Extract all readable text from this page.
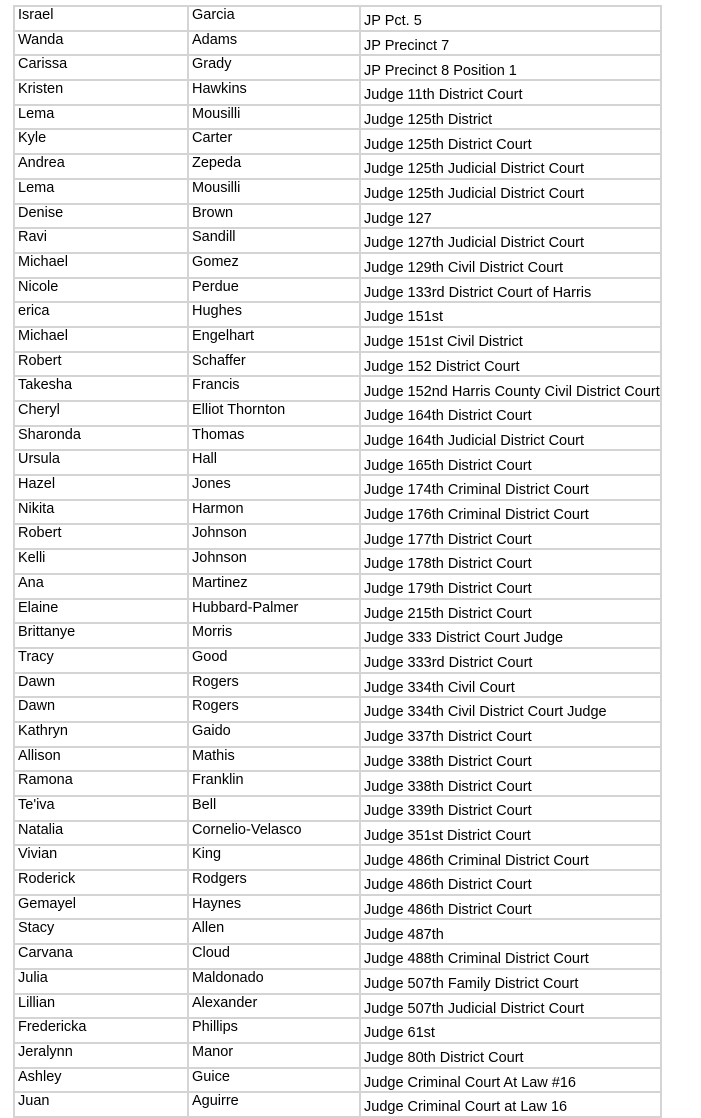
Israel	Garcia	JP Pct. 5
Wanda	Adams	JP Precinct 7
Carissa	Grady	JP Precinct 8 Position 1
Kristen	Hawkins	Judge 11th District Court
Lema	Mousilli	Judge 125th District
Kyle	Carter	Judge 125th District Court
Andrea	Zepeda	Judge 125th Judicial District Court
Lema	Mousilli	Judge 125th Judicial District Court
Denise	Brown	Judge 127
Ravi	Sandill	Judge 127th Judicial District Court
Michael	Gomez	Judge 129th Civil District Court
Nicole	Perdue	Judge 133rd District Court of Harris
erica	Hughes	Judge 151st
Michael	Engelhart	Judge 151st Civil District
Robert	Schaffer	Judge 152 District Court
Takesha	Francis	Judge 152nd Harris County Civil District Court
Cheryl	Elliot Thornton	Judge 164th District Court
Sharonda	Thomas	Judge 164th Judicial District Court
Ursula	Hall	Judge 165th District Court
Hazel	Jones	Judge 174th Criminal District Court
Nikita	Harmon	Judge 176th Criminal District Court
Robert	Johnson	Judge 177th District Court
Kelli	Johnson	Judge 178th District Court
Ana	Martinez	Judge 179th District Court
Elaine	Hubbard-Palmer	Judge 215th District Court
Brittanye	Morris	Judge 333 District Court Judge
Tracy	Good	Judge 333rd District Court
Dawn	Rogers	Judge 334th Civil Court
Dawn	Rogers	Judge 334th Civil District Court Judge
Kathryn	Gaido	Judge 337th District Court
Allison	Mathis	Judge 338th District Court
Ramona	Franklin	Judge 338th District Court
Te'iva	Bell	Judge 339th District Court
Natalia	Cornelio-Velasco	Judge 351st District Court
Vivian	King	Judge 486th Criminal District Court
Roderick	Rodgers	Judge 486th District Court
Gemayel	Haynes	Judge 486th District Court
Stacy	Allen	Judge 487th
Carvana	Cloud	Judge 488th Criminal District Court
Julia	Maldonado	Judge 507th Family District Court
Lillian	Alexander	Judge 507th Judicial District Court
Fredericka	Phillips	Judge 61st
Jeralynn	Manor	Judge 80th District Court
Ashley	Guice	Judge Criminal Court At Law #16
Juan	Aguirre	Judge Criminal Court at Law 16
